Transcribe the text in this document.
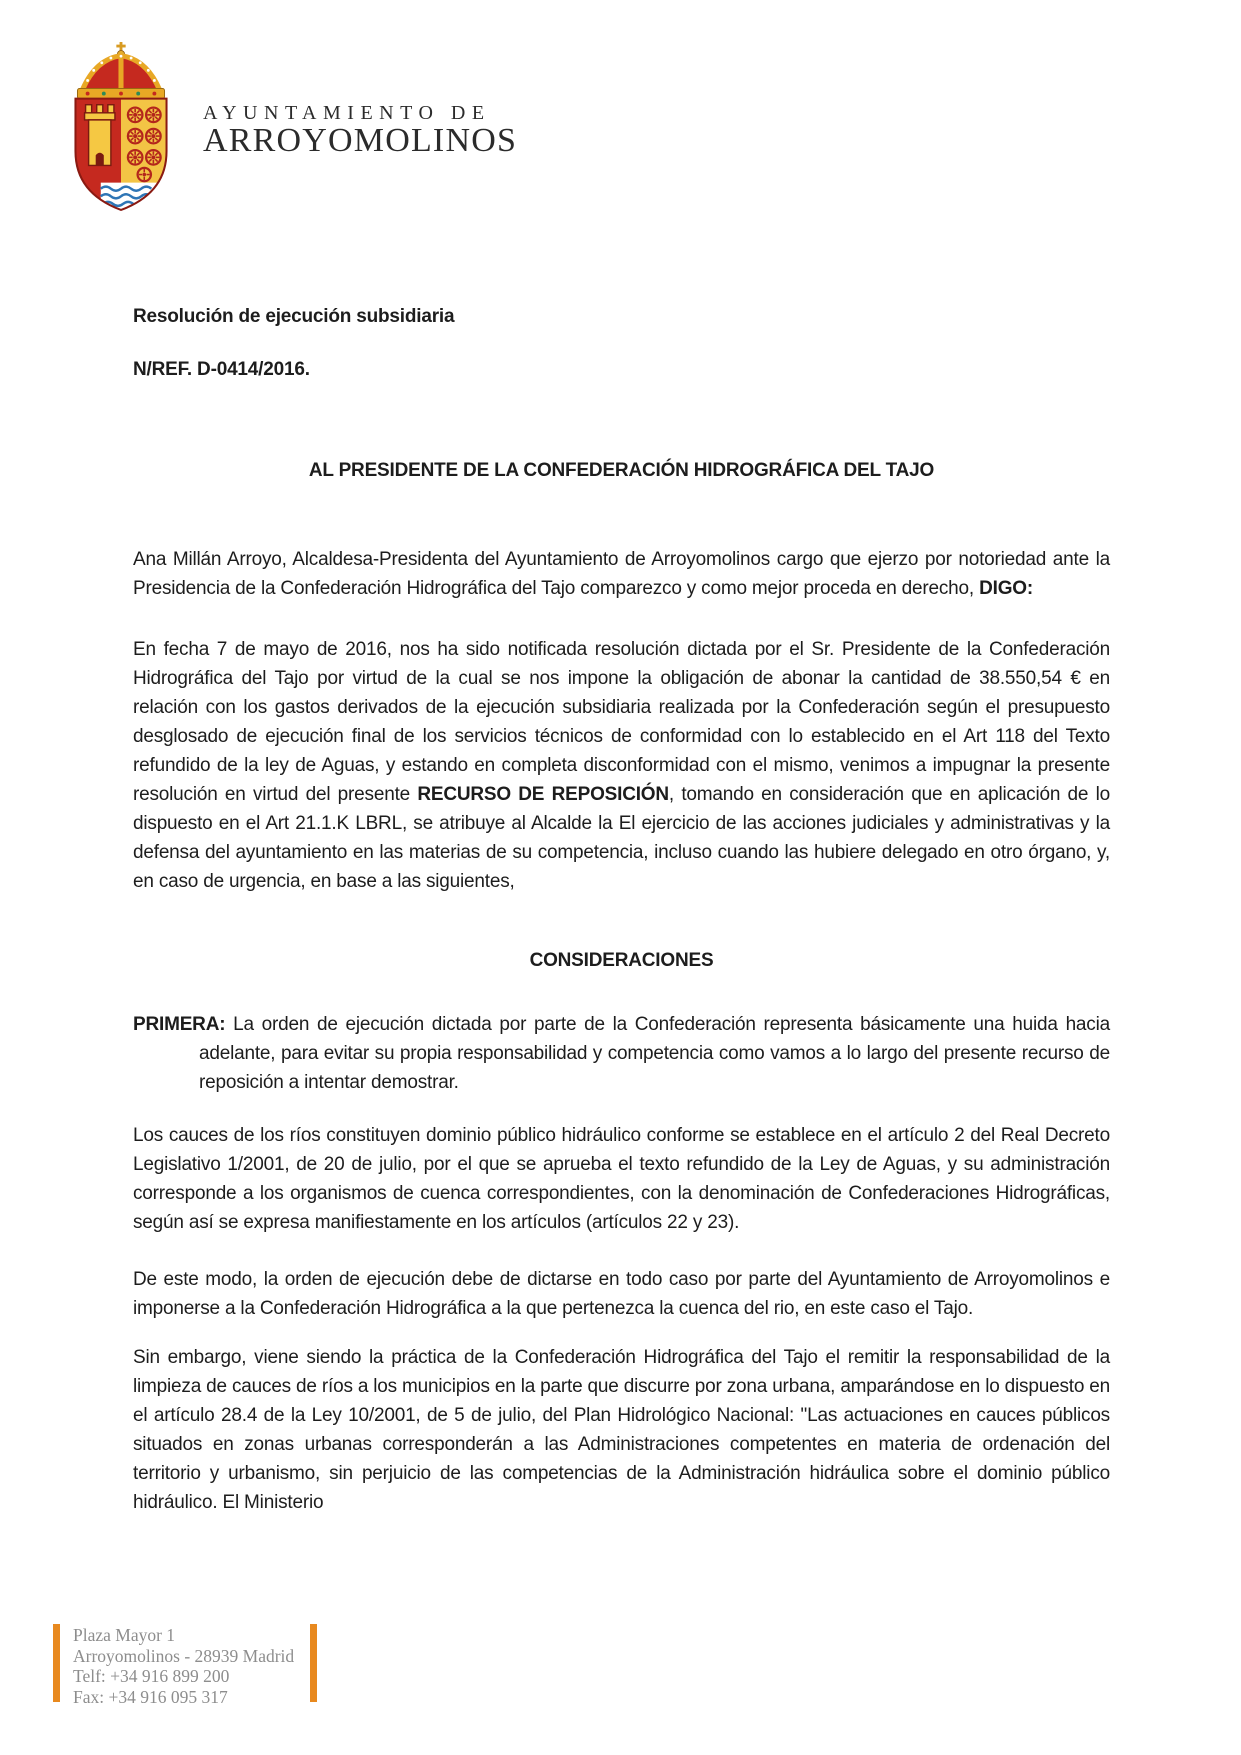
AYUNTAMIENTO DE
ARROYOMOLINOS

Resolución de ejecución subsidiaria

N/REF. D-0414/2016.

AL PRESIDENTE DE LA CONFEDERACIÓN HIDROGRÁFICA DEL TAJO

Ana Millán Arroyo, Alcaldesa-Presidenta del Ayuntamiento de Arroyomolinos cargo que ejerzo por notoriedad ante la Presidencia de la Confederación Hidrográfica del Tajo comparezco y como mejor proceda en derecho, DIGO:

En fecha 7 de mayo de 2016, nos ha sido notificada resolución dictada por el Sr. Presidente de la Confederación Hidrográfica del Tajo por virtud de la cual se nos impone la obligación de abonar la cantidad de 38.550,54 € en relación con los gastos derivados de la ejecución subsidiaria realizada por la Confederación según el presupuesto desglosado de ejecución final de los servicios técnicos de conformidad con lo establecido en el Art 118 del Texto refundido de la ley de Aguas, y estando en completa disconformidad con el mismo, venimos a impugnar la presente resolución en virtud del presente RECURSO DE REPOSICIÓN, tomando en consideración que en aplicación de lo dispuesto en el Art 21.1.K LBRL, se atribuye al Alcalde la El ejercicio de las acciones judiciales y administrativas y la defensa del ayuntamiento en las materias de su competencia, incluso cuando las hubiere delegado en otro órgano, y, en caso de urgencia, en base a las siguientes,

CONSIDERACIONES

PRIMERA: La orden de ejecución dictada por parte de la Confederación representa básicamente una huida hacia adelante, para evitar su propia responsabilidad y competencia como vamos a lo largo del presente recurso de reposición a intentar demostrar.

Los cauces de los ríos constituyen dominio público hidráulico conforme se establece en el artículo 2 del Real Decreto Legislativo 1/2001, de 20 de julio, por el que se aprueba el texto refundido de la Ley de Aguas, y su administración corresponde a los organismos de cuenca correspondientes, con la denominación de Confederaciones Hidrográficas, según así se expresa manifiestamente en los artículos (artículos 22 y 23).

De este modo, la orden de ejecución debe de dictarse en todo caso por parte del Ayuntamiento de Arroyomolinos e imponerse a la Confederación Hidrográfica a la que pertenezca la cuenca del rio, en este caso el Tajo.

Sin embargo, viene siendo la práctica de la Confederación Hidrográfica del Tajo el remitir la responsabilidad de la limpieza de cauces de ríos a los municipios en la parte que discurre por zona urbana, amparándose en lo dispuesto en el artículo 28.4 de la Ley 10/2001, de 5 de julio, del Plan Hidrológico Nacional: "Las actuaciones en cauces públicos situados en zonas urbanas corresponderán a las Administraciones competentes en materia de ordenación del territorio y urbanismo, sin perjuicio de las competencias de la Administración hidráulica sobre el dominio público hidráulico. El Ministerio

Plaza Mayor 1
Arroyomolinos - 28939 Madrid
Telf: +34 916 899 200
Fax: +34 916 095 317
